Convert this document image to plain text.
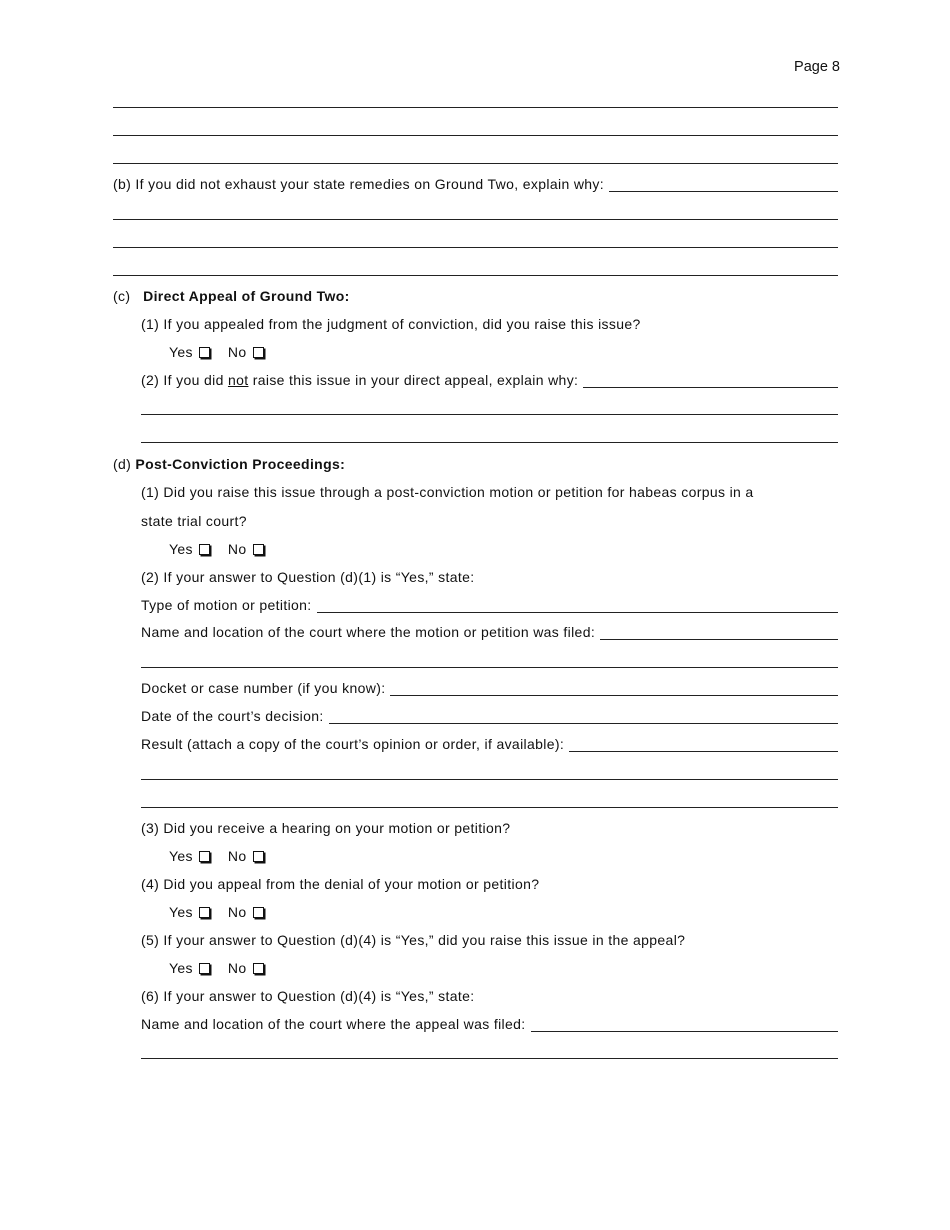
Page 8
(b) If you did not exhaust your state remedies on Ground Two, explain why:
(c) Direct Appeal of Ground Two:
(1) If you appealed from the judgment of conviction, did you raise this issue?
Yes	No
(2) If you did not raise this issue in your direct appeal, explain why:
(d) Post-Conviction Proceedings:
(1) Did you raise this issue through a post-conviction motion or petition for habeas corpus in a
state trial court?
Yes	No
(2) If your answer to Question (d)(1) is “Yes,” state:
Type of motion or petition:
Name and location of the court where the motion or petition was filed:
Docket or case number (if you know):
Date of the court’s decision:
Result (attach a copy of the court’s opinion or order, if available):
(3) Did you receive a hearing on your motion or petition?
Yes	No
(4) Did you appeal from the denial of your motion or petition?
Yes	No
(5) If your answer to Question (d)(4) is “Yes,” did you raise this issue in the appeal?
Yes	No
(6) If your answer to Question (d)(4) is “Yes,” state:
Name and location of the court where the appeal was filed:
